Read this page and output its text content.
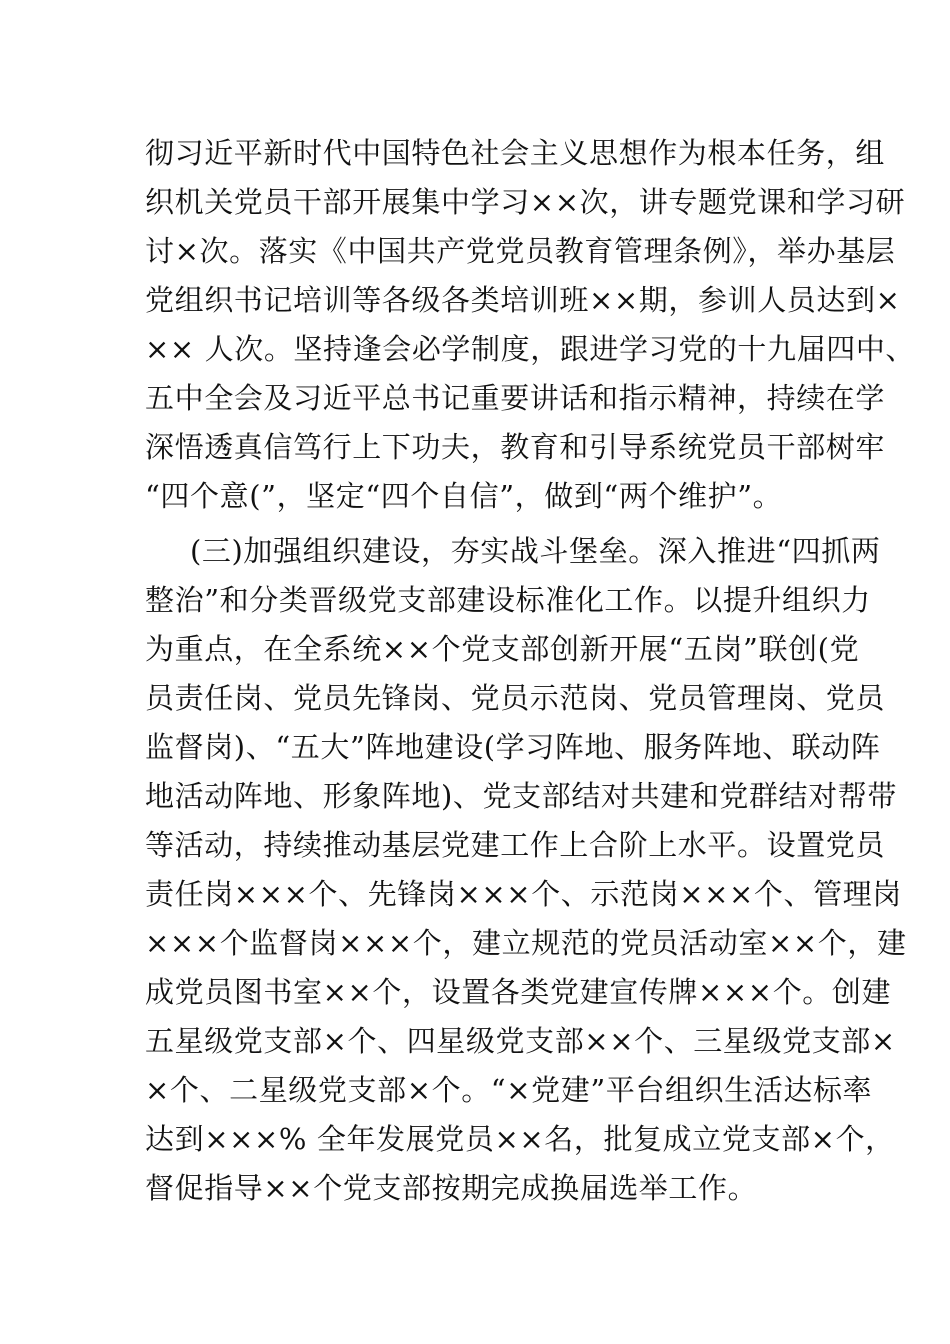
彻习近平新时代中国特色社会主义思想作为根本任务，组
织机关党员干部开展集中学习××次，讲专题党课和学习研
讨×次。落实《中国共产党党员教育管理条例》，举办基层
党组织书记培训等各级各类培训班××期，参训人员达到×
×× 人次。坚持逢会必学制度，跟进学习党的十九届四中、
五中全会及习近平总书记重要讲话和指示精神，持续在学
深悟透真信笃行上下功夫，教育和引导系统党员干部树牢
“四个意(”，坚定“四个自信”，做到“两个维护”。
(三)加强组织建设，夯实战斗堡垒。深入推进“四抓两
整治”和分类晋级党支部建设标准化工作。以提升组织力
为重点，在全系统××个党支部创新开展“五岗”联创(党
员责任岗、党员先锋岗、党员示范岗、党员管理岗、党员
监督岗)、“五大”阵地建设(学习阵地、服务阵地、联动阵
地活动阵地、形象阵地)、党支部结对共建和党群结对帮带
等活动，持续推动基层党建工作上合阶上水平。设置党员
责任岗×××个、先锋岗×××个、示范岗×××个、管理岗
×××个监督岗×××个，建立规范的党员活动室××个，建
成党员图书室××个，设置各类党建宣传牌×××个。创建
五星级党支部×个、四星级党支部××个、三星级党支部×
×个、二星级党支部×个。“×党建”平台组织生活达标率
达到×××% 全年发展党员××名，批复成立党支部×个，
督促指导××个党支部按期完成换届选举工作。
